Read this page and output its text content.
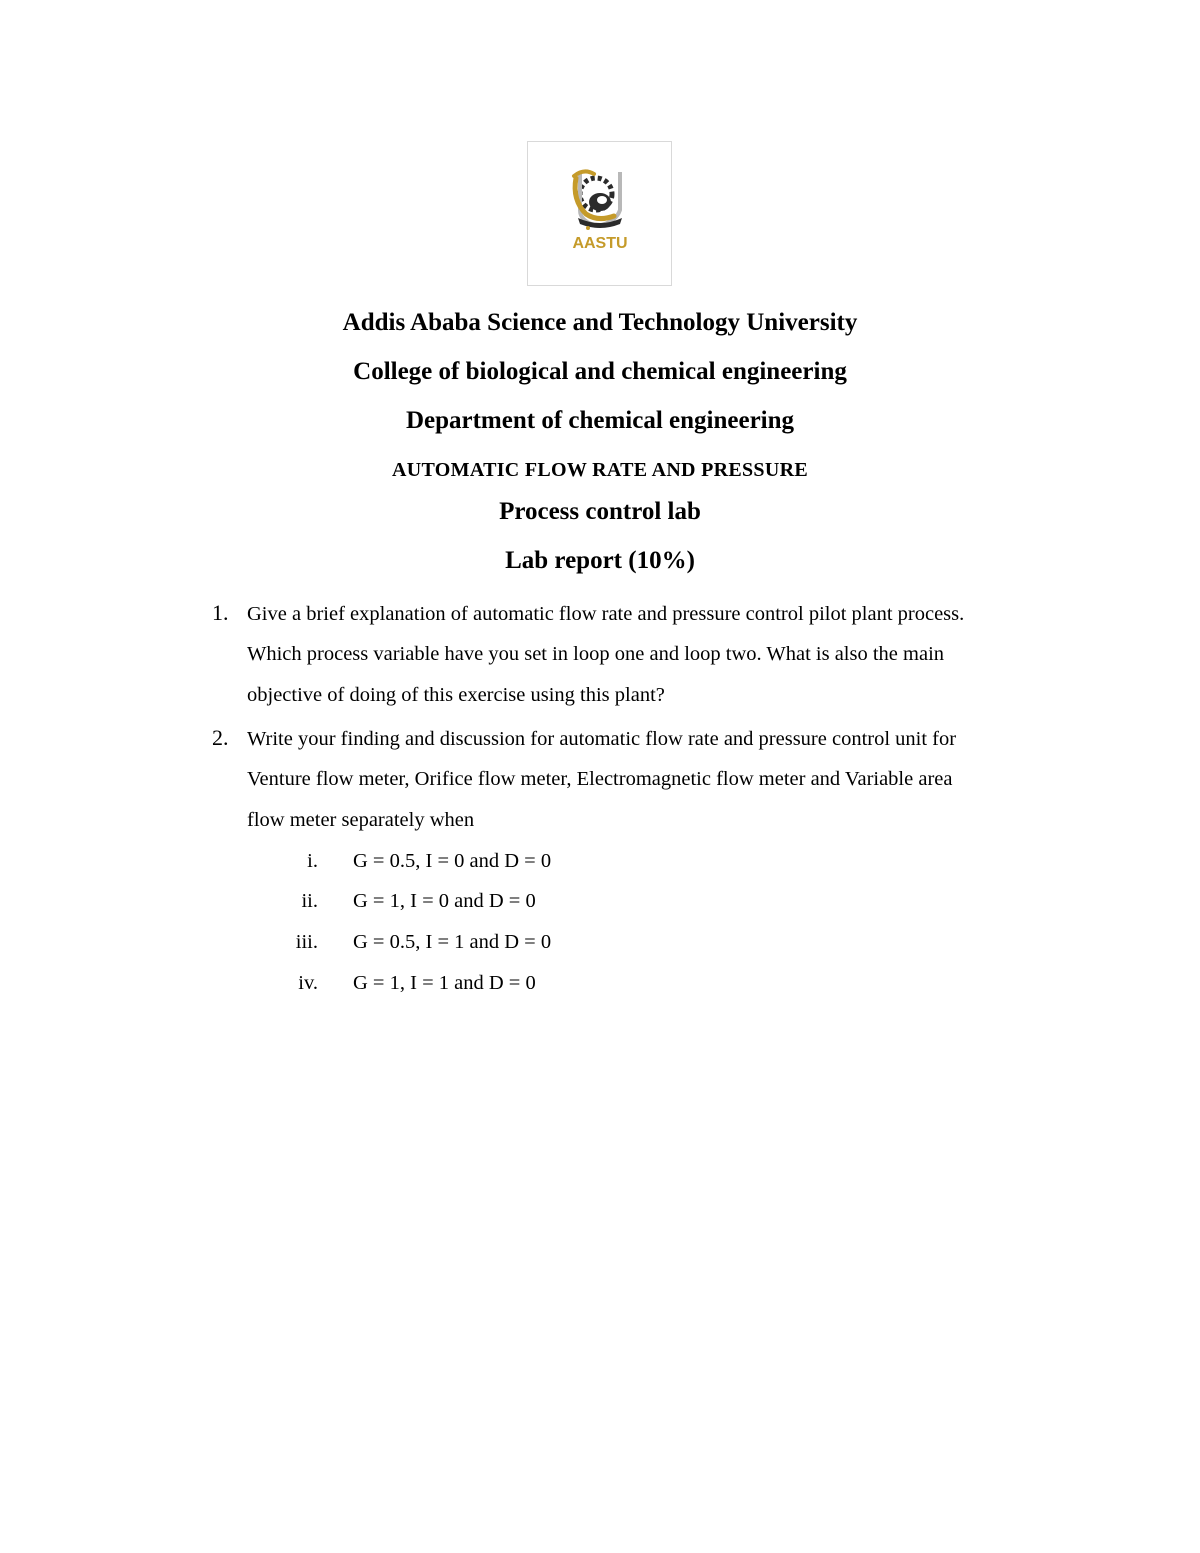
AASTU
Addis Ababa Science and Technology University
College of biological and chemical engineering
Department of chemical engineering
AUTOMATIC FLOW RATE AND PRESSURE
Process control lab
Lab report (10%)
1. Give a brief explanation of automatic flow rate and pressure control pilot plant process.
Which process variable have you set in loop one and loop two. What is also the main
objective of doing of this exercise using this plant?
2. Write your finding and discussion for automatic flow rate and pressure control unit for
Venture flow meter, Orifice flow meter, Electromagnetic flow meter and Variable area
flow meter separately when
i. G = 0.5, I = 0 and D = 0
ii. G = 1, I = 0 and D = 0
iii. G = 0.5, I = 1 and D = 0
iv. G = 1, I = 1 and D = 0
